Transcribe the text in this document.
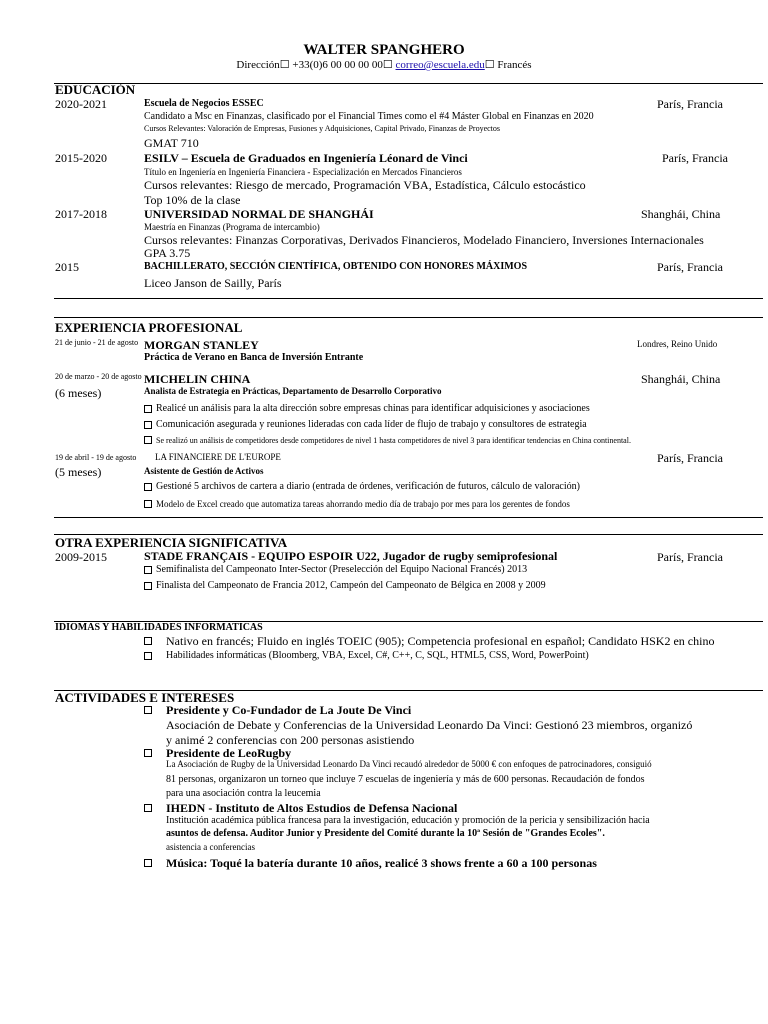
WALTER SPANGHERO
Dirección☐ +33(0)6 00 00 00 00☐ correo@escuela.edu☐ Francés
EDUCACIÓN
2020-2021	Escuela de Negocios ESSEC	París, Francia
Candidato a Msc en Finanzas, clasificado por el Financial Times como el #4 Máster Global en Finanzas en 2020
Cursos Relevantes: Valoración de Empresas, Fusiones y Adquisiciones, Capital Privado, Finanzas de Proyectos
GMAT 710
2015-2020	ESILV – Escuela de Graduados en Ingeniería Léonard de Vinci	París, Francia
Título en Ingeniería en Ingeniería Financiera - Especialización en Mercados Financieros
Cursos relevantes: Riesgo de mercado, Programación VBA, Estadística, Cálculo estocástico
Top 10% de la clase
2017-2018	UNIVERSIDAD NORMAL DE SHANGHÁI	Shanghái, China
Maestría en Finanzas (Programa de intercambio)
Cursos relevantes: Finanzas Corporativas, Derivados Financieros, Modelado Financiero, Inversiones Internacionales
GPA 3.75
2015	BACHILLERATO, SECCIÓN CIENTÍFICA, OBTENIDO CON HONORES MÁXIMOS	París, Francia
Liceo Janson de Sailly, París
EXPERIENCIA PROFESIONAL
21 de junio - 21 de agosto MORGAN STANLEY	Londres, Reino Unido
Práctica de Verano en Banca de Inversión Entrante
20 de marzo - 20 de agosto MICHELIN CHINA	Shanghái, China
(6 meses)	Analista de Estrategia en Prácticas, Departamento de Desarrollo Corporativo
Realicé un análisis para la alta dirección sobre empresas chinas para identificar adquisiciones y asociaciones
Comunicación asegurada y reuniones lideradas con cada líder de flujo de trabajo y consultores de estrategia
Se realizó un análisis de competidores desde competidores de nivel 1 hasta competidores de nivel 3 para identificar tendencias en China continental.
19 de abril - 19 de agosto LA FINANCIERE DE L'EUROPE	París, Francia
(5 meses)	Asistente de Gestión de Activos
Gestioné 5 archivos de cartera a diario (entrada de órdenes, verificación de futuros, cálculo de valoración)
Modelo de Excel creado que automatiza tareas ahorrando medio día de trabajo por mes para los gerentes de fondos
OTRA EXPERIENCIA SIGNIFICATIVA
2009-2015	STADE FRANÇAIS - EQUIPO ESPOIR U22, Jugador de rugby semiprofesional	París, Francia
Semifinalista del Campeonato Inter-Sector (Preselección del Equipo Nacional Francés) 2013
Finalista del Campeonato de Francia 2012, Campeón del Campeonato de Bélgica en 2008 y 2009
IDIOMAS Y HABILIDADES INFORMATICAS
Nativo en francés; Fluido en inglés TOEIC (905); Competencia profesional en español; Candidato HSK2 en chino
Habilidades informáticas (Bloomberg, VBA, Excel, C#, C++, C, SQL, HTML5, CSS, Word, PowerPoint)
ACTIVIDADES E INTERESES
Presidente y Co-Fundador de La Joute De Vinci
Asociación de Debate y Conferencias de la Universidad Leonardo Da Vinci: Gestionó 23 miembros, organizó
y animé 2 conferencias con 200 personas asistiendo
Presidente de LeoRugby
La Asociación de Rugby de la Universidad Leonardo Da Vinci recaudó alrededor de 5000 € con enfoques de patrocinadores, consiguió
81 personas, organizaron un torneo que incluye 7 escuelas de ingeniería y más de 600 personas. Recaudación de fondos
para una asociación contra la leucemia
IHEDN - Instituto de Altos Estudios de Defensa Nacional
Institución académica pública francesa para la investigación, educación y promoción de la pericia y sensibilización hacia
asuntos de defensa. Auditor Junior y Presidente del Comité durante la 10ª Sesión de "Grandes Ecoles".
asistencia a conferencias
Música: Toqué la batería durante 10 años, realicé 3 shows frente a 60 a 100 personas
